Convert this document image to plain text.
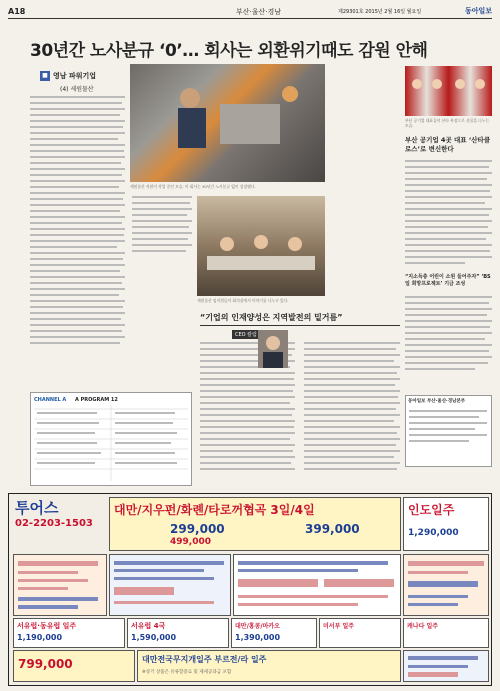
A18	부산·울산·경남	제29301호 2015년 2월 16일 월요일	동아일보
30년간 노사분규 ‘0’… 회사는 외환위기때도 감원 안해
■ 영남 파워기업
(4) 세원물산
세원물산 직원이 작업 중인 모습. 이 회사는 30년간 노사분규 없이 성장했다.
세원물산 임직원들이 회의실에서 이야기를 나누고 있다.
“기업의 인재양성은 지역발전의 밑거름”
CEO 칼럼
부산 공기업 대표들이 산타 복장으로 선물을 나누는 모습.
부산 공기업 4곳 대표 ‘산타클로스’로 변신한다
“지소득층 어린이 소원 들어주자” ‘BS일 희망프로젝트’ 기금 조성
동아일보 부산·울산·경남본부
CHANNEL A A PROGRAM 12
투어스
02-2203-1503
대만/지우펀/화롄/타로꺼협곡 3일/4일
299,000	399,000
499,000
인도일주
1,290,000
서유럽·동유럽 일주
1,190,000
서유럽 4국
1,590,000
대만/홍콩/마카오
1,390,000
미서부 일주	캐나다 일주
799,000	대만전국무지개일주 부르전/라 일주
※상기 상품은 유류할증료 및 제세공과금 포함
